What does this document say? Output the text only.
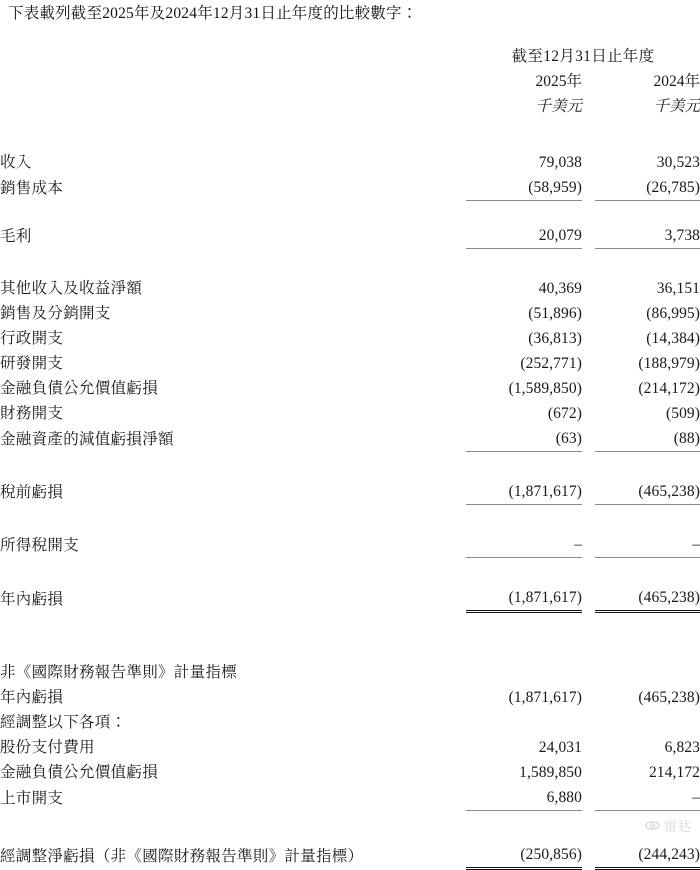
下表載列截至2025年及2024年12月31日止年度的比較數字：
	截至12月31日止年度		
	2025年		2024年
	千美元		千美元

收入	79,038		30,523
銷售成本	(58,959)		(26,785)

毛利	20,079		3,738

其他收入及收益淨額	40,369		36,151
銷售及分銷開支	(51,896)		(86,995)
行政開支	(36,813)		(14,384)
研發開支	(252,771)		(188,979)
金融負債公允價值虧損	(1,589,850)		(214,172)
財務開支	(672)		(509)
金融資產的減值虧損淨額	(63)		(88)

稅前虧損	(1,871,617)		(465,238)

所得稅開支	–		–

年內虧損	(1,871,617)		(465,238)

非《國際財務報告準則》計量指標			
年內虧損	(1,871,617)		(465,238)
經調整以下各項：			
股份支付費用	24,031		6,823
金融負債公允價值虧損	1,589,850		214,172
上市開支	6,880		–

經調整淨虧損（非《國際財務報告準則》計量指標）	(250,856)		(244,243)
雷达
